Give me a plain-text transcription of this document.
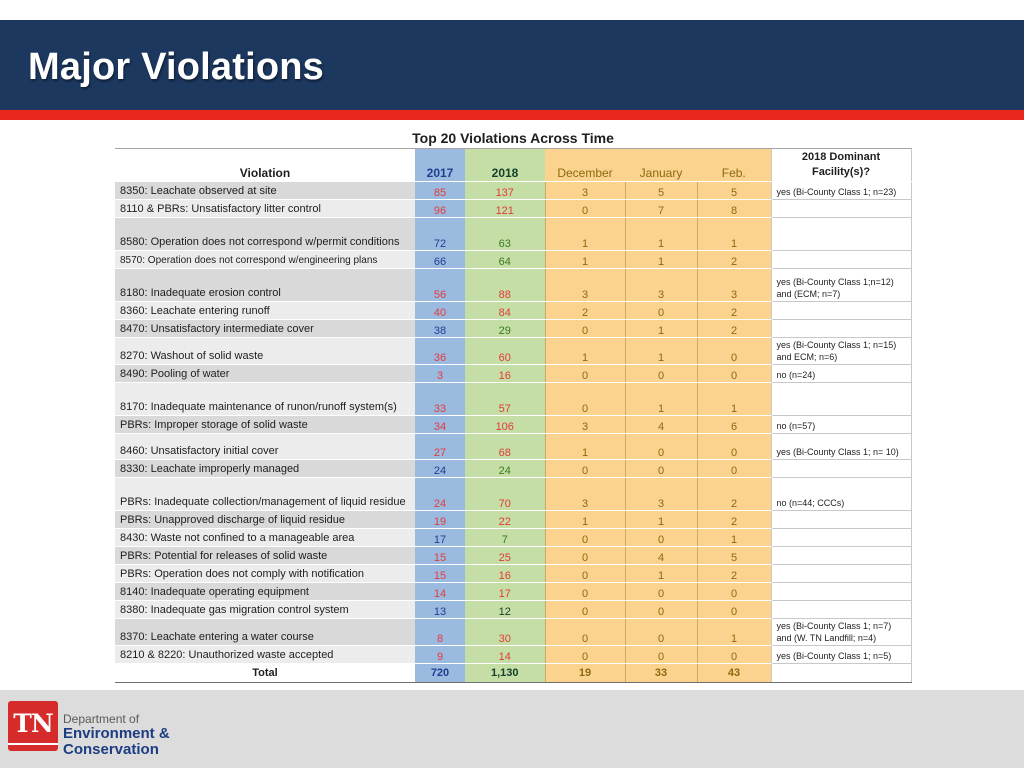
Major Violations
Top 20 Violations Across Time						
Violation	2017	2018	December	January	Feb.	2018 Dominant Facility(s)?
8350: Leachate observed at site	85	137	3	5	5	yes (Bi-County Class 1; n=23)
8110 & PBRs: Unsatisfactory litter control	96	121	0	7	8	
8580: Operation does not correspond w/permit conditions	72	63	1	1	1	
8570: Operation does not correspond w/engineering plans	66	64	1	1	2	
8180: Inadequate erosion control	56	88	3	3	3	yes (Bi-County Class 1;n=12) and (ECM; n=7)
8360: Leachate entering runoff	40	84	2	0	2	
8470: Unsatisfactory intermediate cover	38	29	0	1	2	
8270: Washout of solid waste	36	60	1	1	0	yes (Bi-County Class 1; n=15) and ECM; n=6)
8490: Pooling of water	3	16	0	0	0	no (n=24)
8170: Inadequate maintenance of runon/runoff system(s)	33	57	0	1	1	
PBRs: Improper storage of solid waste	34	106	3	4	6	no (n=57)
8460: Unsatisfactory initial cover	27	68	1	0	0	yes (Bi-County Class 1; n= 10)
8330: Leachate improperly managed	24	24	0	0	0	
PBRs: Inadequate collection/management of liquid residue	24	70	3	3	2	no (n=44; CCCs)
PBRs: Unapproved discharge of liquid residue	19	22	1	1	2	
8430: Waste not confined to a manageable area	17	7	0	0	1	
PBRs: Potential for releases of solid waste	15	25	0	4	5	
PBRs: Operation does not comply with notification	15	16	0	1	2	
8140: Inadequate operating equipment	14	17	0	0	0	
8380: Inadequate gas migration control system	13	12	0	0	0	
8370: Leachate entering a water course	8	30	0	0	1	yes (Bi-County Class 1; n=7) and (W. TN Landfill; n=4)
8210 & 8220: Unauthorized waste accepted	9	14	0	0	0	yes (Bi-County Class 1; n=5)
Total	720	1,130	19	33	43	
TN Department of
Environment &
Conservation
